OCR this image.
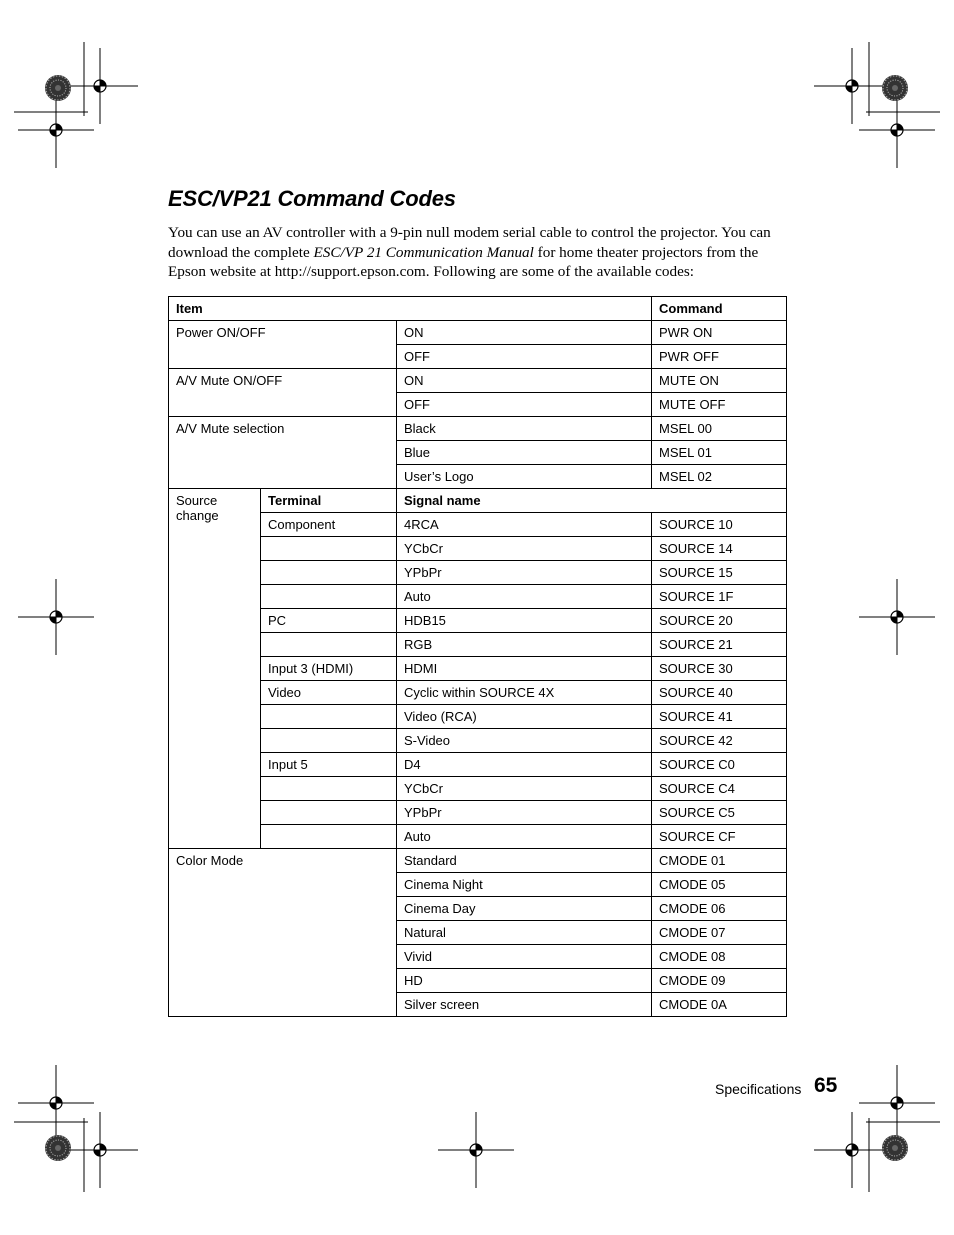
ESC/VP21 Command Codes

You can use an AV controller with a 9-pin null modem serial cable to control the projector. You can download the complete ESC/VP 21 Communication Manual for home theater projectors from the Epson website at http://support.epson.com. Following are some of the available codes:

Item			Command
Power ON/OFF		ON	PWR ON
		OFF	PWR OFF
A/V Mute ON/OFF		ON	MUTE ON
		OFF	MUTE OFF
A/V Mute selection		Black	MSEL 00
		Blue	MSEL 01
		User’s Logo	MSEL 02
Source change	Terminal	Signal name	
	Component	4RCA	SOURCE 10
		YCbCr	SOURCE 14
		YPbPr	SOURCE 15
		Auto	SOURCE 1F
	PC	HDB15	SOURCE 20
		RGB	SOURCE 21
	Input 3 (HDMI)	HDMI	SOURCE 30
	Video	Cyclic within SOURCE 4X	SOURCE 40
		Video (RCA)	SOURCE 41
		S-Video	SOURCE 42
	Input 5	D4	SOURCE C0
		YCbCr	SOURCE C4
		YPbPr	SOURCE C5
		Auto	SOURCE CF
Color Mode		Standard	CMODE 01
		Cinema Night	CMODE 05
		Cinema Day	CMODE 06
		Natural	CMODE 07
		Vivid	CMODE 08
		HD	CMODE 09
		Silver screen	CMODE 0A
Specifications 65
